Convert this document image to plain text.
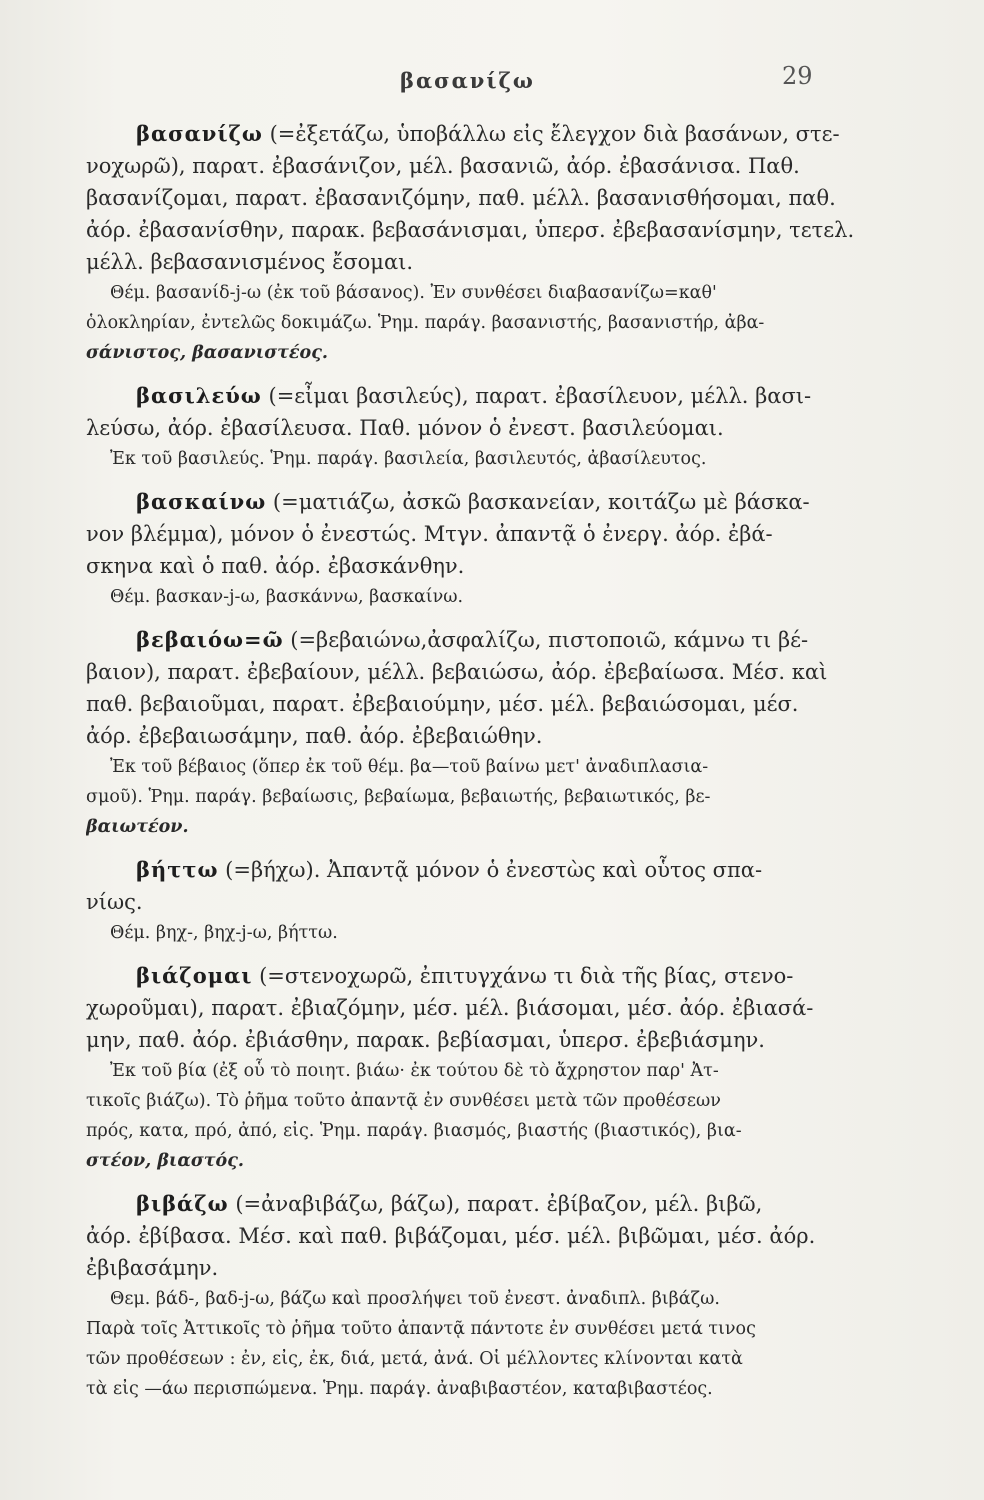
βασανίζω	29
βασανίζω (=ἐξετάζω, ὑποβάλλω εἰς ἔλεγχον διὰ βασάνων, στε-
νοχωρῶ), παρατ. ἐβασάνιζον, μέλ. βασανιῶ, ἀόρ. ἐβασάνισα. Παθ.
βασανίζομαι, παρατ. ἐβασανιζόμην, παθ. μέλλ. βασανισθήσομαι, παθ.
ἀόρ. ἐβασανίσθην, παρακ. βεβασάνισμαι, ὑπερσ. ἐβεβασανίσμην, τετελ.
μέλλ. βεβασανισμένος ἔσομαι.
Θέμ. βασανίδ-j-ω (ἐκ τοῦ βάσανος). Ἐν συνθέσει διαβασανίζω=καθ'
ὁλοκληρίαν, ἐντελῶς δοκιμάζω. Ῥημ. παράγ. βασανιστής, βασανιστήρ, ἀβα-
σάνιστος, βασανιστέος.
βασιλεύω (=εἶμαι βασιλεύς), παρατ. ἐβασίλευον, μέλλ. βασι-
λεύσω, ἀόρ. ἐβασίλευσα. Παθ. μόνον ὁ ἐνεστ. βασιλεύομαι.
Ἐκ τοῦ βασιλεύς. Ῥημ. παράγ. βασιλεία, βασιλευτός, ἀβασίλευτος.
βασκαίνω (=ματιάζω, ἀσκῶ βασκανείαν, κοιτάζω μὲ βάσκα-
νον βλέμμα), μόνον ὁ ἐνεστώς. Μτγν. ἀπαντᾷ ὁ ἐνεργ. ἀόρ. ἐβά-
σκηνα καὶ ὁ παθ. ἀόρ. ἐβασκάνθην.
Θέμ. βασκαν-j-ω, βασκάννω, βασκαίνω.
βεβαιόω=ῶ (=βεβαιώνω,ἀσφαλίζω, πιστοποιῶ, κάμνω τι βέ-
βαιον), παρατ. ἐβεβαίουν, μέλλ. βεβαιώσω, ἀόρ. ἐβεβαίωσα. Μέσ. καὶ
παθ. βεβαιοῦμαι, παρατ. ἐβεβαιούμην, μέσ. μέλ. βεβαιώσομαι, μέσ.
ἀόρ. ἐβεβαιωσάμην, παθ. ἀόρ. ἐβεβαιώθην.
Ἐκ τοῦ βέβαιος (ὅπερ ἐκ τοῦ θέμ. βα—τοῦ βαίνω μετ' ἀναδιπλασια-
σμοῦ). Ῥημ. παράγ. βεβαίωσις, βεβαίωμα, βεβαιωτής, βεβαιωτικός, βε-
βαιωτέον.
βήττω (=βήχω). Ἀπαντᾷ μόνον ὁ ἐνεστὼς καὶ οὗτος σπα-
νίως.
Θέμ. βηχ-, βηχ-j-ω, βήττω.
βιάζομαι (=στενοχωρῶ, ἐπιτυγχάνω τι διὰ τῆς βίας, στενο-
χωροῦμαι), παρατ. ἐβιαζόμην, μέσ. μέλ. βιάσομαι, μέσ. ἀόρ. ἐβιασά-
μην, παθ. ἀόρ. ἐβιάσθην, παρακ. βεβίασμαι, ὑπερσ. ἐβεβιάσμην.
Ἐκ τοῦ βία (ἐξ οὗ τὸ ποιητ. βιάω· ἐκ τούτου δὲ τὸ ἄχρηστον παρ' Ἀτ-
τικοῖς βιάζω). Τὸ ῥῆμα τοῦτο ἀπαντᾷ ἐν συνθέσει μετὰ τῶν προθέσεων
πρός, κατα, πρό, ἀπό, εἰς. Ῥημ. παράγ. βιασμός, βιαστής (βιαστικός), βια-
στέον, βιαστός.
βιβάζω (=ἀναβιβάζω, βάζω), παρατ. ἐβίβαζον, μέλ. βιβῶ,
ἀόρ. ἐβίβασα. Μέσ. καὶ παθ. βιβάζομαι, μέσ. μέλ. βιβῶμαι, μέσ. ἀόρ.
ἐβιβασάμην.
Θεμ. βάδ-, βαδ-j-ω, βάζω καὶ προσλήψει τοῦ ἐνεστ. ἀναδιπλ. βιβάζω.
Παρὰ τοῖς Ἀττικοῖς τὸ ῥῆμα τοῦτο ἀπαντᾷ πάντοτε ἐν συνθέσει μετά τινος
τῶν προθέσεων : ἐν, εἰς, ἐκ, διά, μετά, ἀνά. Οἱ μέλλοντες κλίνονται κατὰ
τὰ εἰς —άω περισπώμενα. Ῥημ. παράγ. ἀναβιβαστέον, καταβιβαστέος.
